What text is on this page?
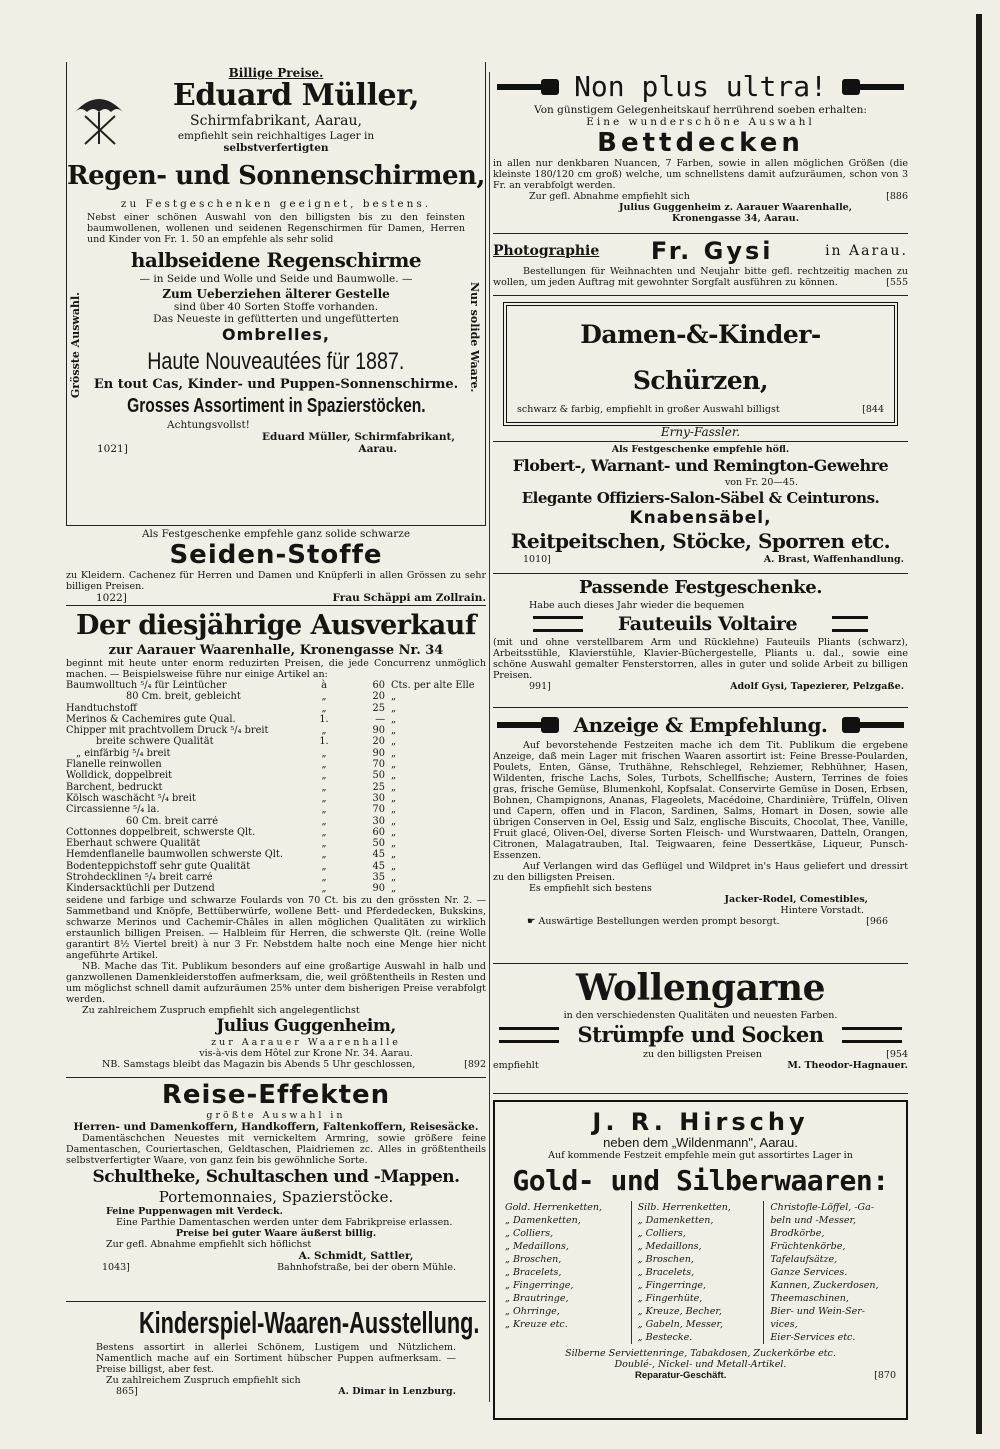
Grösste Auswahl.	Nur solide Waare.

Billige Preise.

Eduard Müller,

Schirmfabrikant, Aarau,

empfiehlt sein reichhaltiges Lager in

selbstverfertigten

Regen- und Sonnenschirmen,

zu Festgeschenken geeignet, bestens.

Nebst einer schönen Auswahl von den billigsten bis zu den feinsten baumwollenen, wollenen und seidenen Regenschirmen für Damen, Herren und Kinder von Fr. 1. 50 an empfehle als sehr solid

halbseidene Regenschirme

— in Seide und Wolle und Seide und Baumwolle. —

Zum Ueberziehen älterer Gestelle

sind über 40 Sorten Stoffe vorhanden.

Das Neueste in gefütterten und ungefütterten

Ombrelles,

Haute Nouveautées für 1887.

En tout Cas, Kinder- und Puppen-Sonnenschirme.

Grosses Assortiment in Spazierstöcken.

Achtungsvollst!

Eduard Müller, Schirmfabrikant,

1021]	Aarau.

Als Festgeschenke empfehle ganz solide schwarze

Seiden-Stoffe

zu Kleidern. Cachenez für Herren und Damen und Knüpferli in allen Grössen zu sehr billigen Preisen.

1022]	Frau Schäppi am Zollrain.

Der diesjährige Ausverkauf

zur Aarauer Waarenhalle, Kronengasse Nr. 34

beginnt mit heute unter enorm reduzirten Preisen, die jede Concurrenz unmöglich machen. — Beispielsweise führe nur einige Artikel an:

Baumwolltuch ⁵/₄ für Leintücher	à	60 Cts. per alte Elle
80 Cm. breit, gebleicht	„	20 „
Handtuchstoff	„	25 „
Merinos & Cachemires gute Qual.	1.	— „
Chipper mit prachtvollem Druck ⁵/₄ breit	„	90 „
breite schwere Qualität	1.	20 „
„ einfärbig ⁵/₄ breit	„	90 „
Flanelle reinwollen	„	70 „
Wolldick, doppelbreit	„	50 „
Barchent, bedruckt	„	25 „
Kölsch waschächt ⁵/₄ breit	„	30 „
Circassienne ⁵/₄ la.	„	70 „
60 Cm. breit carré	„	30 „
Cottonnes doppelbreit, schwerste Qlt.	„	60 „
Eberhaut schwere Qualität	„	50 „
Hemdenflanelle baumwollen schwerste Qlt.	„	45 „
Bodenteppichstoff sehr gute Qualität	„	45 „
Strohdecklinen ⁵/₄ breit carré	„	35 „
Kindersacktüchli per Dutzend	„	90 „

seidene und farbige und schwarze Foulards von 70 Ct. bis zu den grössten Nr. 2. — Sammetband und Knöpfe, Bettüberwürfe, wollene Bett- und Pferdedecken, Bukskins, schwarze Merinos und Cachemir-Châles in allen möglichen Qualitäten zu wirklich erstaunlich billigen Preisen. — Halbleim für Herren, die schwerste Qlt. (reine Wolle garantirt 8½ Viertel breit) à nur 3 Fr. Nebstdem halte noch eine Menge hier nicht angeführte Artikel.

NB. Mache das Tit. Publikum besonders auf eine großartige Auswahl in halb und ganzwollenen Damenkleiderstoffen aufmerksam, die, weil größtentheils in Resten und um möglichst schnell damit aufzuräumen 25% unter dem bisherigen Preise verabfolgt werden.

Zu zahlreichem Zuspruch empfiehlt sich angelegentlichst

Julius Guggenheim,

zur Aarauer Waarenhalle

vis-à-vis dem Hôtel zur Krone Nr. 34. Aarau.

NB. Samstags bleibt das Magazin bis Abends 5 Uhr geschlossen,	[892

Reise-Effekten

größte Auswahl in

Herren- und Damenkoffern, Handkoffern, Faltenkoffern, Reisesäcke.

Damentäschchen Neuestes mit vernickeltem Armring, sowie größere feine Damentaschen, Couriertaschen, Geldtaschen, Plaidriemen zc. Alles in größtentheils selbstverfertigter Waare, von ganz fein bis gewöhnliche Sorte.

Schultheke, Schultaschen und -Mappen.

Portemonnaies, Spazierstöcke.

Feine Puppenwagen mit Verdeck.

Eine Parthie Damentaschen werden unter dem Fabrikpreise erlassen.

Preise bei guter Waare äußerst billig.

Zur gefl. Abnahme empfiehlt sich höflichst

A. Schmidt, Sattler,

1043]	Bahnhofstraße, bei der obern Mühle.

Kinderspiel-Waaren-Ausstellung.

Bestens assortirt in allerlei Schönem, Lustigem und Nützlichem. Namentlich mache auf ein Sortiment hübscher Puppen aufmerksam. — Preise billigst, aber fest.

Zu zahlreichem Zuspruch empfiehlt sich

865]	A. Dimar in Lenzburg.
Non plus ultra!

Von günstigem Gelegenheitskauf herrührend soeben erhalten:

Eine wunderschöne Auswahl

Bettdecken

in allen nur denkbaren Nuancen, 7 Farben, sowie in allen möglichen Größen (die kleinste 180/120 cm groß) welche, um schnellstens damit aufzuräumen, schon von 3 Fr. an verabfolgt werden.

Zur gefl. Abnahme empfiehlt sich	[886

Julius Guggenheim z. Aarauer Waarenhalle,

Kronengasse 34, Aarau.

Photographie Fr. Gysi	in Aarau.

Bestellungen für Weihnachten und Neujahr bitte gefl. rechtzeitig machen zu wollen, um jeden Auftrag mit gewohnter Sorgfalt ausführen zu können.	[555

Damen-&-Kinder-Schürzen,

schwarz & farbig, empfiehlt in großer Auswahl billigst	[844

Erny-Fassler.

Als Festgeschenke empfehle höfl.

Flobert-, Warnant- und Remington-Gewehre

von Fr. 20—45.

Elegante Offiziers-Salon-Säbel & Ceinturons.

Knabensäbel,

Reitpeitschen, Stöcke, Sporren etc.

1010]	A. Brast, Waffenhandlung.

Passende Festgeschenke.

Habe auch dieses Jahr wieder die bequemen

Fauteuils Voltaire

(mit und ohne verstellbarem Arm und Rücklehne) Fauteuils Pliants (schwarz), Arbeitsstühle, Klavierstühle, Klavier-Büchergestelle, Pliants u. dal., sowie eine schöne Auswahl gemalter Fensterstorren, alles in guter und solide Arbeit zu billigen Preisen.

991]	Adolf Gysi, Tapezierer, Pelzgaße.
Anzeige & Empfehlung.

Auf bevorstehende Festzeiten mache ich dem Tit. Publikum die ergebene Anzeige, daß mein Lager mit frischen Waaren assortirt ist: Feine Bresse-Poularden, Poulets, Enten, Gänse, Truthähne, Rehschlegel, Rehziemer, Rebhühner, Hasen, Wildenten, frische Lachs, Soles, Turbots, Schellfische; Austern, Terrines de foies gras, frische Gemüse, Blumenkohl, Kopfsalat. Conservirte Gemüse in Dosen, Erbsen, Bohnen, Champignons, Ananas, Flageolets, Macédoine, Chardinière, Trüffeln, Oliven und Capern, offen und in Flacon, Sardinen, Salms, Homart in Dosen, sowie alle übrigen Conserven in Oel, Essig und Salz, englische Biscuits, Chocolat, Thee, Vanille, Fruit glacé, Oliven-Oel, diverse Sorten Fleisch- und Wurstwaaren, Datteln, Orangen, Citronen, Malagatrauben, Ital. Teigwaaren, feine Dessertkäse, Liqueur, Punsch-Essenzen.

Auf Verlangen wird das Geflügel und Wildpret in's Haus geliefert und dressirt zu den billigsten Preisen.

Es empfiehlt sich bestens

Jacker-Rodel, Comestibles,

Hintere Vorstadt.

☛ Auswärtige Bestellungen werden prompt besorgt.	[966

Wollengarne

in den verschiedensten Qualitäten und neuesten Farben.

Strümpfe und Socken
zu den billigsten Preisen	[954
empfiehlt	M. Theodor-Hagnauer.

J. R. Hirschy

neben dem „Wildenmann", Aarau.

Auf kommende Festzeit empfehle mein gut assortirtes Lager in

Gold- und Silberwaaren:

Gold. Herrenketten,

„ Damenketten,

„ Colliers,

„ Medaillons,

„ Broschen,

„ Bracelets,

„ Fingerringe,

„ Brautringe,

„ Ohrringe,

„ Kreuze etc.

Silb. Herrenketten,

„ Damenketten,

„ Colliers,

„ Medaillons,

„ Broschen,

„ Bracelets,

„ Fingerringe,

„ Fingerhüte,

„ Kreuze, Becher,

„ Gabeln, Messer,

„ Bestecke.

Christofle-Löffel, -Ga-

beln und -Messer,

Brodkörbe,

Früchtenkörbe,

Tafelaufsätze,

Ganze Services.

Kannen, Zuckerdosen,

Theemaschinen,

Bier- und Wein-Ser-

vices,

Eier-Services etc.

Silberne Serviettenringe, Tabakdosen, Zuckerkörbe etc.

Doublé-, Nickel- und Metall-Artikel.

Reparatur-Geschäft.	[870
